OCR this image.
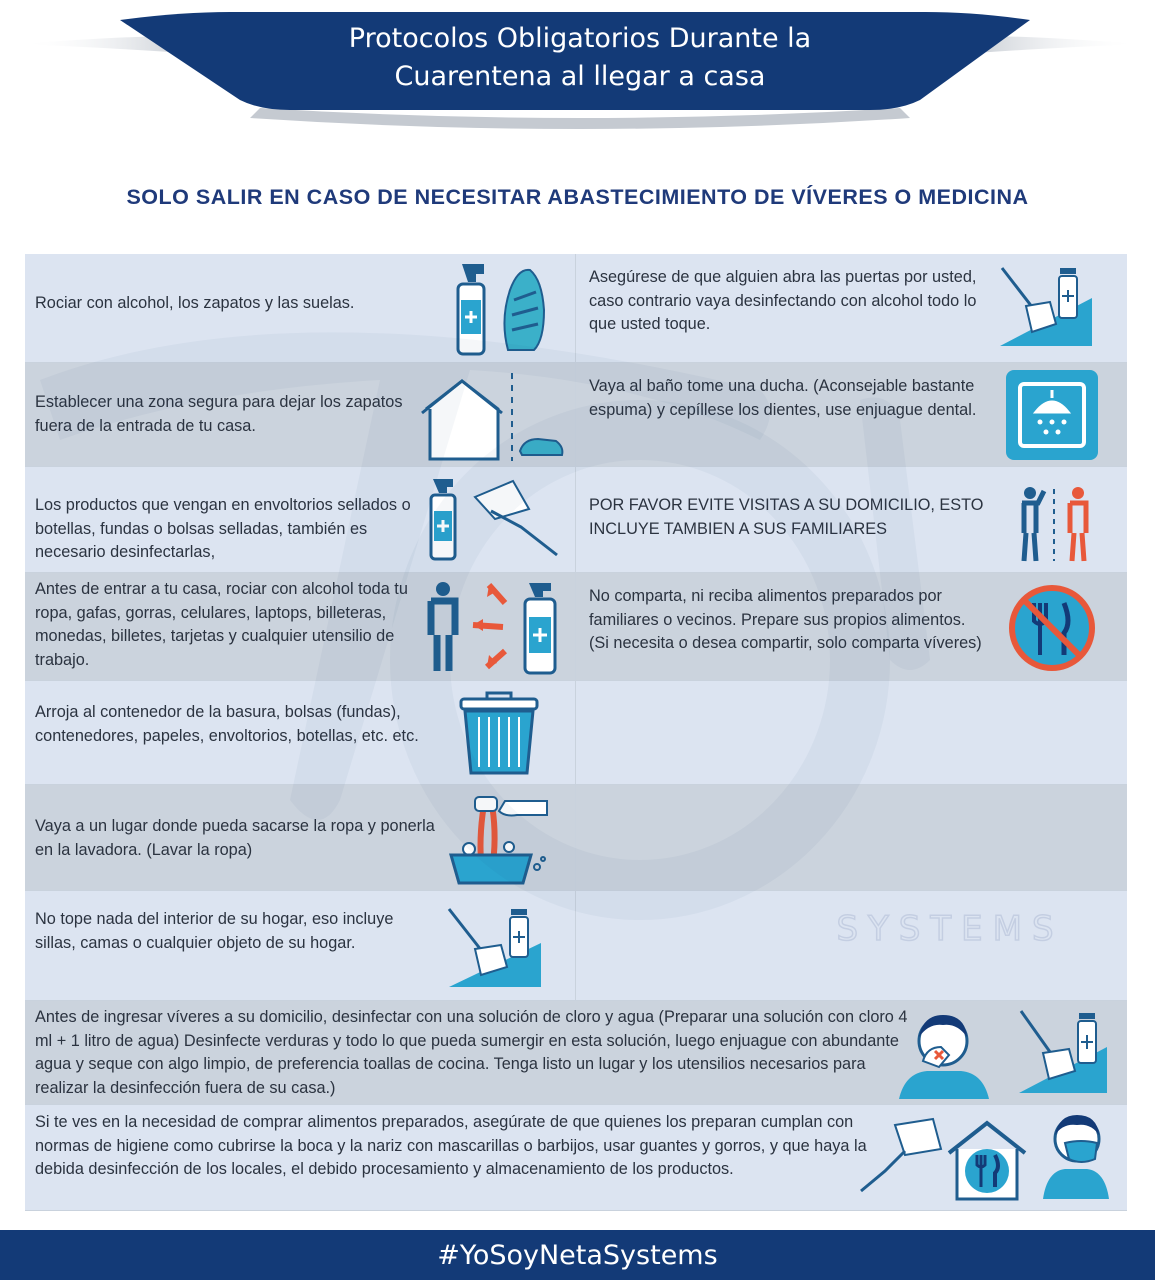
Protocolos Obligatorios Durante la
Cuarentena al llegar a casa
SOLO SALIR EN CASO DE NECESITAR ABASTECIMIENTO DE VÍVERES O MEDICINA
Rociar con alcohol, los zapatos y las suelas.
Asegúrese de que alguien abra las puertas por usted, caso contrario vaya desinfectando con alcohol todo lo que usted toque.
Establecer una zona segura para dejar los zapatos fuera de la entrada de tu casa.
Vaya al baño tome una ducha. (Aconsejable bastante espuma) y cepíllese los dientes, use enjuague dental.
Los productos que vengan en envoltorios sellados o botellas, fundas o bolsas selladas, también es necesario desinfectarlas,
POR FAVOR EVITE VISITAS A SU DOMICILIO, ESTO INCLUYE TAMBIEN A SUS FAMILIARES
Antes de entrar a tu casa, rociar con alcohol toda tu ropa, gafas, gorras, celulares, laptops, billeteras, monedas, billetes, tarjetas y cualquier utensilio de trabajo.
No comparta, ni reciba alimentos preparados por familiares o vecinos. Prepare sus propios alimentos. (Si necesita o desea compartir, solo comparta víveres)
Arroja al contenedor de la basura, bolsas (fundas), contenedores, papeles, envoltorios, botellas, etc. etc.
Vaya a un lugar donde pueda sacarse la ropa y ponerla en la lavadora. (Lavar la ropa)
No tope nada del interior de su hogar, eso incluye sillas, camas o cualquier objeto de su hogar.
Antes de ingresar víveres a su domicilio, desinfectar con una solución de cloro y agua (Preparar una solución con cloro 4 ml + 1 litro de agua) Desinfecte verduras y todo lo que pueda sumergir en esta solución, luego enjuague con abundante agua y seque con algo limpio, de preferencia toallas de cocina. Tenga listo un lugar y los utensilios necesarios para realizar la desinfección fuera de su casa.)
Si te ves en la necesidad de comprar alimentos preparados, asegúrate de que quienes los preparan cumplan con normas de higiene como cubrirse la boca y la nariz con mascarillas o barbijos, usar guantes y gorros, y que haya la debida desinfección de los locales, el debido procesamiento y almacenamiento de los productos.
#YoSoyNetaSystems
